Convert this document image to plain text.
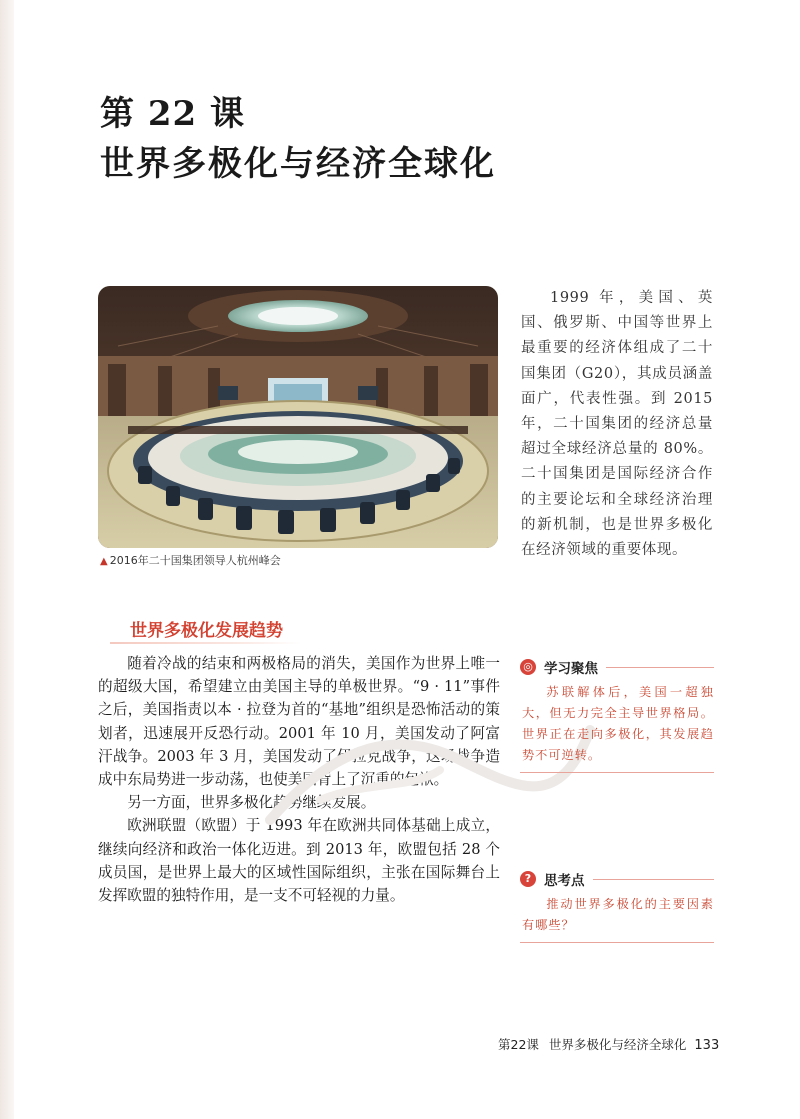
第 22 课
世界多极化与经济全球化
▲ 2016年二十国集团领导人杭州峰会

1999 年，美国、英国、俄罗斯、中国等世界上最重要的经济体组成了二十国集团（G20），其成员涵盖面广，代表性强。到 2015 年，二十国集团的经济总量超过全球经济总量的 80%。二十国集团是国际经济合作的主要论坛和全球经济治理的新机制，也是世界多极化在经济领域的重要体现。

世界多极化发展趋势

随着冷战的结束和两极格局的消失，美国作为世界上唯一的超级大国，希望建立由美国主导的单极世界。“9 · 11”事件之后，美国指责以本 · 拉登为首的“基地”组织是恐怖活动的策划者，迅速展开反恐行动。2001 年 10 月，美国发动了阿富汗战争。2003 年 3 月，美国发动了伊拉克战争，这场战争造成中东局势进一步动荡，也使美国背上了沉重的包袱。

另一方面，世界多极化趋势继续发展。

欧洲联盟（欧盟）于 1993 年在欧洲共同体基础上成立，继续向经济和政治一体化迈进。到 2013 年，欧盟包括 28 个成员国，是世界上最大的区域性国际组织，主张在国际舞台上发挥欧盟的独特作用，是一支不可轻视的力量。

◎ 学习聚焦

苏联解体后，美国一超独大，但无力完全主导世界格局。世界正在走向多极化，其发展趋势不可逆转。

? 思考点

推动世界多极化的主要因素有哪些？

第22课 世界多极化与经济全球化 133
